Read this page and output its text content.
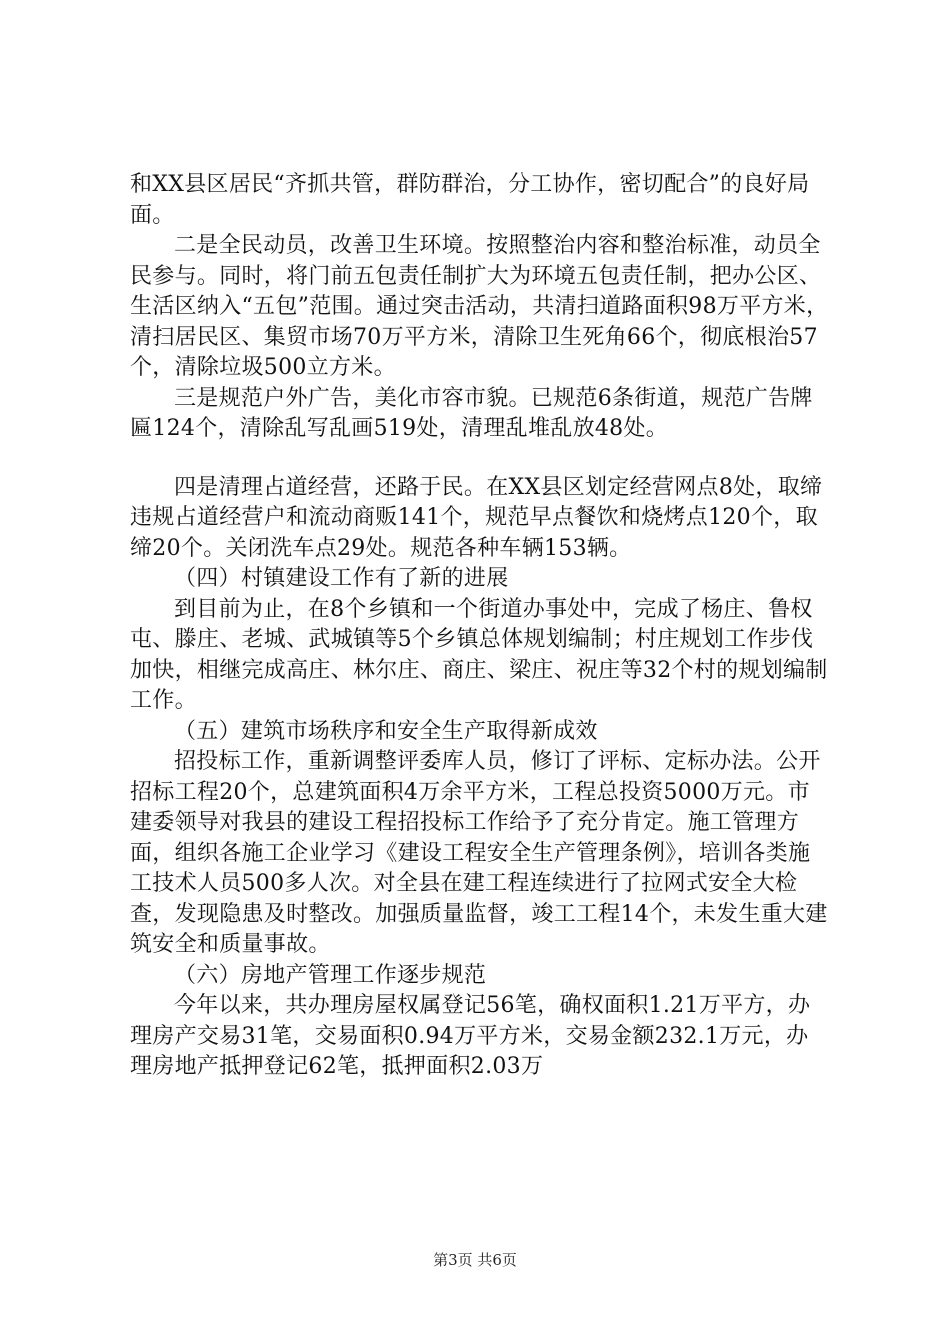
和XX县区居民“齐抓共管，群防群治，分工协作，密切配合”的良好局面。

二是全民动员，改善卫生环境。按照整治内容和整治标准，动员全民参与。同时，将门前五包责任制扩大为环境五包责任制，把办公区、生活区纳入“五包”范围。通过突击活动，共清扫道路面积98万平方米，清扫居民区、集贸市场70万平方米，清除卫生死角66个，彻底根治57个，清除垃圾500立方米。

三是规范户外广告，美化市容市貌。已规范6条街道，规范广告牌匾124个，清除乱写乱画519处，清理乱堆乱放48处。

四是清理占道经营，还路于民。在XX县区划定经营网点8处，取缔违规占道经营户和流动商贩141个，规范早点餐饮和烧烤点120个，取缔20个。关闭洗车点29处。规范各种车辆153辆。

（四）村镇建设工作有了新的进展

到目前为止，在8个乡镇和一个街道办事处中，完成了杨庄、鲁权屯、滕庄、老城、武城镇等5个乡镇总体规划编制；村庄规划工作步伐加快，相继完成高庄、林尔庄、商庄、梁庄、祝庄等32个村的规划编制工作。

（五）建筑市场秩序和安全生产取得新成效

招投标工作，重新调整评委库人员，修订了评标、定标办法。公开招标工程20个，总建筑面积4万余平方米，工程总投资5000万元。市建委领导对我县的建设工程招投标工作给予了充分肯定。施工管理方面，组织各施工企业学习《建设工程安全生产管理条例》，培训各类施工技术人员500多人次。对全县在建工程连续进行了拉网式安全大检查，发现隐患及时整改。加强质量监督，竣工工程14个，未发生重大建筑安全和质量事故。

（六）房地产管理工作逐步规范

今年以来，共办理房屋权属登记56笔，确权面积1.21万平方，办理房产交易31笔，交易面积0.94万平方米，交易金额232.1万元，办理房地产抵押登记62笔，抵押面积2.03万

第3页 共6页
